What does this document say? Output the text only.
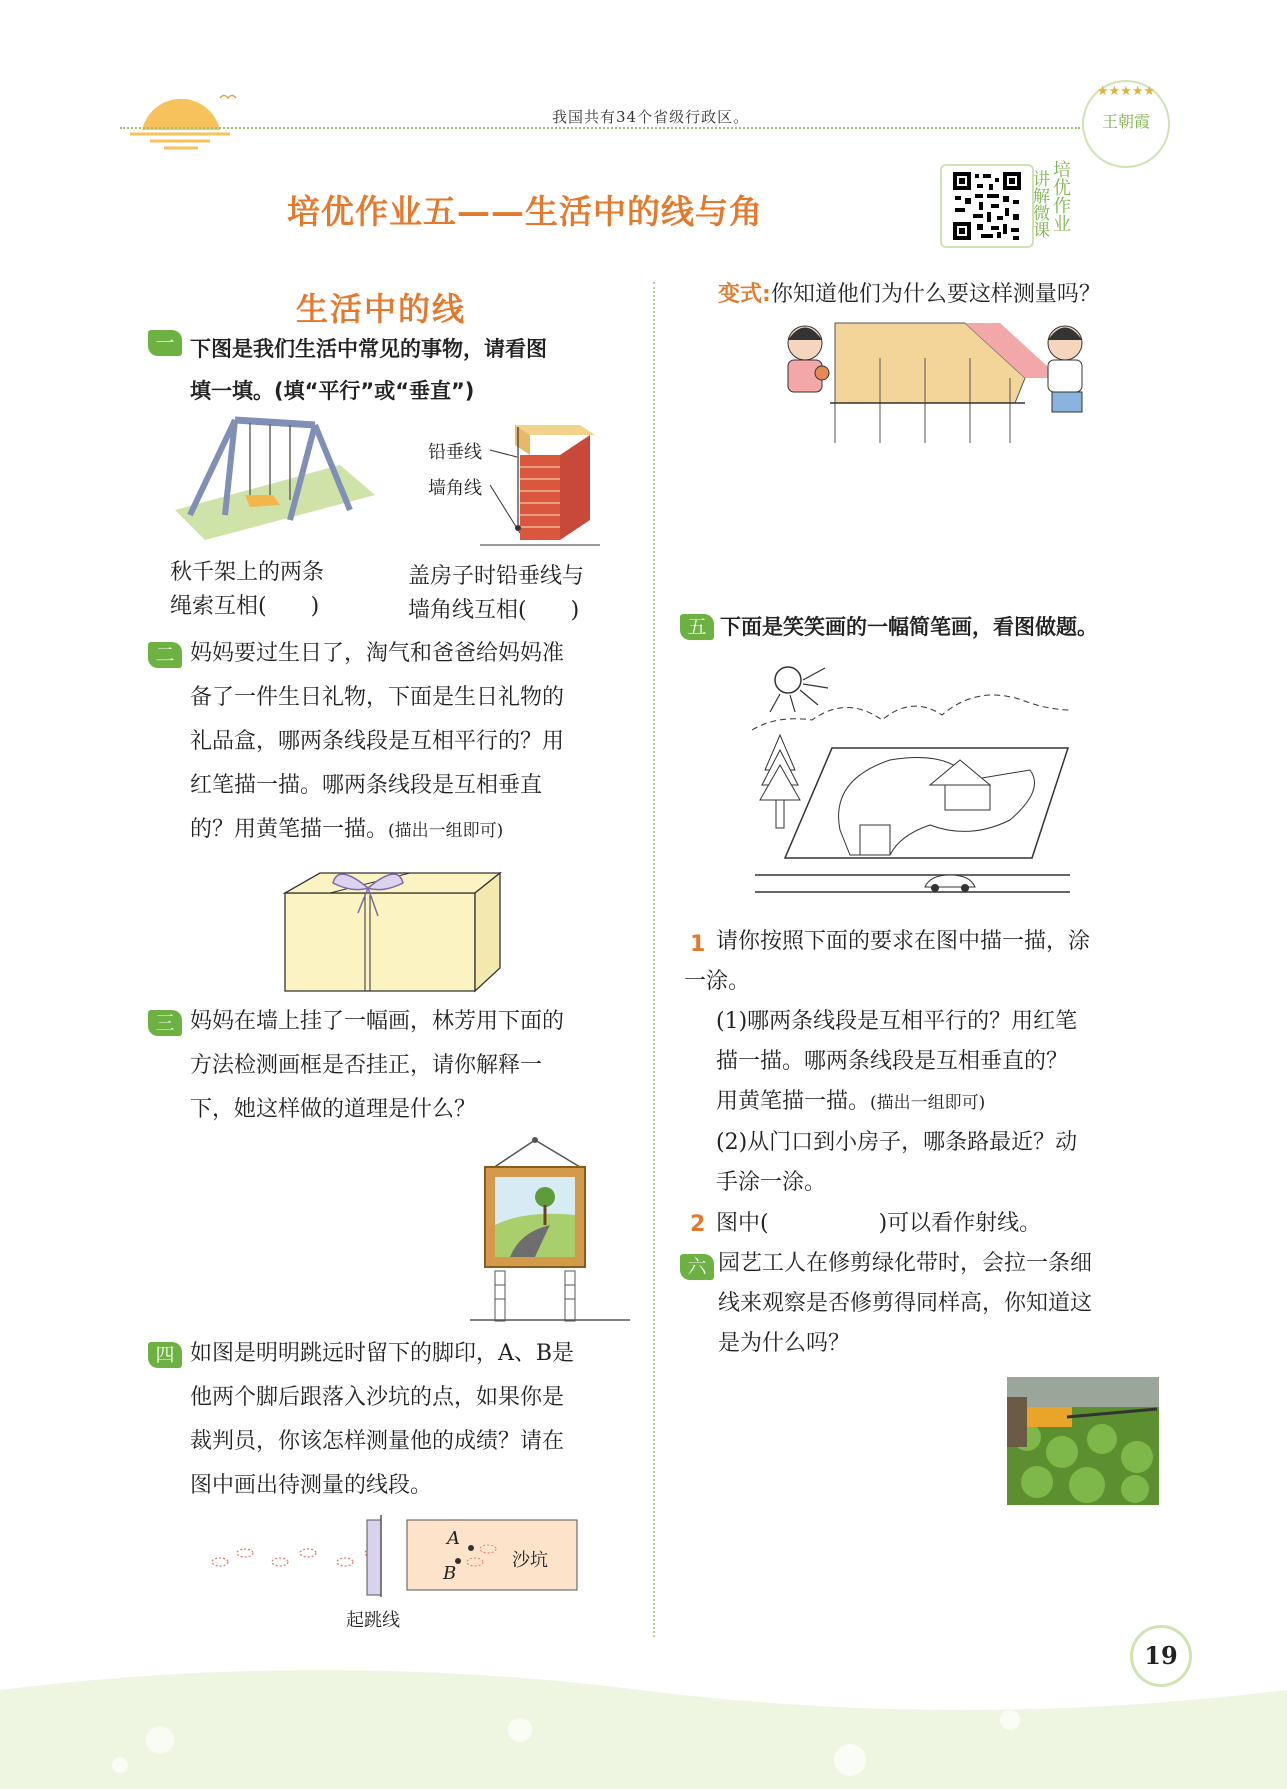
我国共有34个省级行政区。
★★★★★
王朝霞
培优作业五——生活中的线与角	讲解微课 培优作业
生活中的线
一 下图是我们生活中常见的事物，请看图
填一填。(填“平行”或“垂直”)
铅垂线
墙角线
秋千架上的两条
绳索互相(　　)
盖房子时铅垂线与
墙角线互相(　　)
二 妈妈要过生日了，淘气和爸爸给妈妈准
备了一件生日礼物，下面是生日礼物的
礼品盒，哪两条线段是互相平行的？用
红笔描一描。哪两条线段是互相垂直
的？用黄笔描一描。(描出一组即可)
三 妈妈在墙上挂了一幅画，林芳用下面的
方法检测画框是否挂正，请你解释一
下，她这样做的道理是什么？
四 如图是明明跳远时留下的脚印，A、B是
他两个脚后跟落入沙坑的点，如果你是
裁判员，你该怎样测量他的成绩？请在
图中画出待测量的线段。
A
B
沙坑
起跳线
变式:你知道他们为什么要这样测量吗？
五 下面是笑笑画的一幅简笔画，看图做题。
1 请你按照下面的要求在图中描一描，涂
一涂。
(1)哪两条线段是互相平行的？用红笔
描一描。哪两条线段是互相垂直的？
用黄笔描一描。(描出一组即可)
(2)从门口到小房子，哪条路最近？动
手涂一涂。
2 图中(　　　　　)可以看作射线。
六 园艺工人在修剪绿化带时，会拉一条细
线来观察是否修剪得同样高，你知道这
是为什么吗？
19
